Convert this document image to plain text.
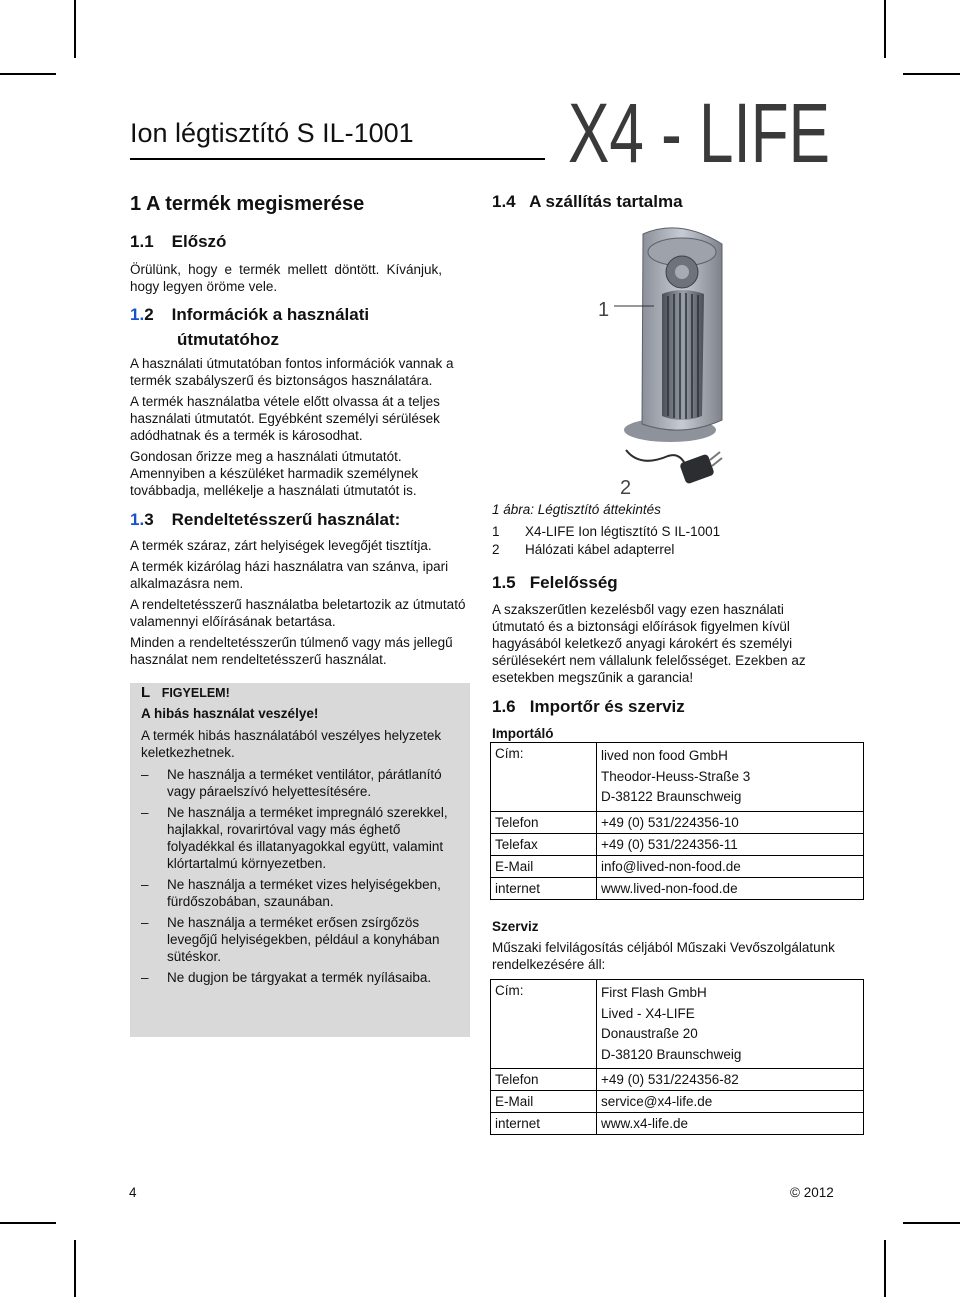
Ion légtisztító S IL-1001 X4 - LIFE
1 A termék megismerése
1.1 Előszó

Örülünk, hogy e termék mellett döntött. Kívánjuk, hogy legyen öröme vele.

1.2 Információk a használati
útmutatóhoz

A használati útmutatóban fontos információk vannak a termék szabályszerű és biztonságos használatára.

A termék használatba vétele előtt olvassa át a teljes használati útmutatót. Egyébként személyi sérülések adódhatnak és a termék is károsodhat.

Gondosan őrizze meg a használati útmutatót.

Amennyiben a készüléket harmadik személynek továbbadja, mellékelje a használati útmutatót is.

1.3 Rendeltetésszerű használat:

A termék száraz, zárt helyiségek levegőjét tisztítja.

A termék kizárólag házi használatra van szánva, ipari alkalmazásra nem.

A rendeltetésszerű használatba beletartozik az útmutató valamennyi előírásának betartása.

Minden a rendeltetésszerűn túlmenő vagy más jellegű használat nem rendeltetésszerű használat.

L FIGYELEM!
A hibás használat veszélye!
A termék hibás használatából veszélyes helyzetek keletkezhetnek.
– Ne használja a terméket ventilátor, párátlanító vagy páraelszívó helyettesítésére.
– Ne használja a terméket impregnáló szerekkel, hajlakkal, rovarirtóval vagy más éghető folyadékkal és illatanyagokkal együtt, valamint klórtartalmú környezetben.
– Ne használja a terméket vizes helyiségekben, fürdőszobában, szaunában.
– Ne használja a terméket erősen zsírgőzös levegőjű helyiségekben, például a konyhában sütéskor.
– Ne dugjon be tárgyakat a termék nyílásaiba.
1.4   A szállítás tartalma
1
2

1 ábra: Légtisztító áttekintés

1 X4-LIFE Ion légtisztító S IL-1001
2 Hálózati kábel adapterrel
1.5   Felelősség

A szakszerűtlen kezelésből vagy ezen használati útmutató és a biztonsági előírások figyelmen kívül hagyásából keletkező anyagi károkért és személyi sérülésekért nem vállalunk felelősséget. Ezekben az esetekben megszűnik a garancia!

1.6   Importőr és szerviz

Importáló

Cím:	lived non food GmbH
Theodor-Heuss-Straße 3
D-38122 Braunschweig

Telefon	+49 (0) 531/224356-10
Telefax	+49 (0) 531/224356-11
E-Mail	info@lived-non-food.de
internet	www.lived-non-food.de

Szerviz

Műszaki felvilágosítás céljából Műszaki Vevőszolgálatunk rendelkezésére áll:

Cím:	First Flash GmbH
Lived - X4-LIFE
Donaustraße 20
D-38120 Braunschweig

Telefon	+49 (0) 531/224356-82
E-Mail	service@x4-life.de
internet	www.x4-life.de
4	© 2012
